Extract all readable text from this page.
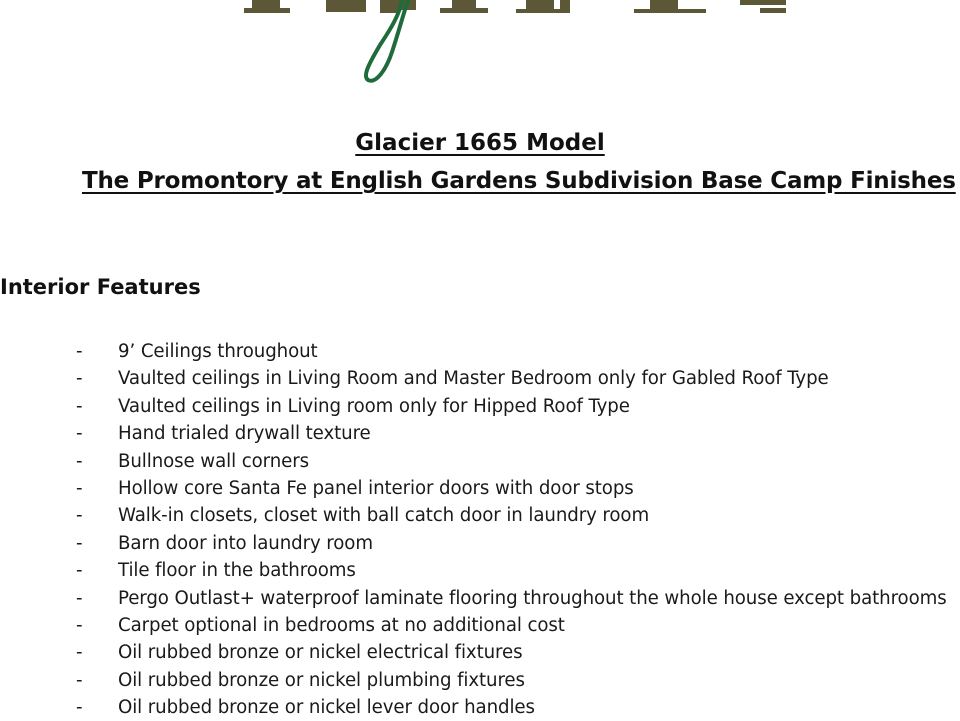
Glacier 1665 Model
The Promontory at English Gardens Subdivision Base Camp Finishes
Interior Features
- 9’ Ceilings throughout
- Vaulted ceilings in Living Room and Master Bedroom only for Gabled Roof Type
- Vaulted ceilings in Living room only for Hipped Roof Type
- Hand trialed drywall texture
- Bullnose wall corners
- Hollow core Santa Fe panel interior doors with door stops
- Walk-in closets, closet with ball catch door in laundry room
- Barn door into laundry room
- Tile floor in the bathrooms
- Pergo Outlast+ waterproof laminate flooring throughout the whole house except bathrooms
- Carpet optional in bedrooms at no additional cost
- Oil rubbed bronze or nickel electrical fixtures
- Oil rubbed bronze or nickel plumbing fixtures
- Oil rubbed bronze or nickel lever door handles
